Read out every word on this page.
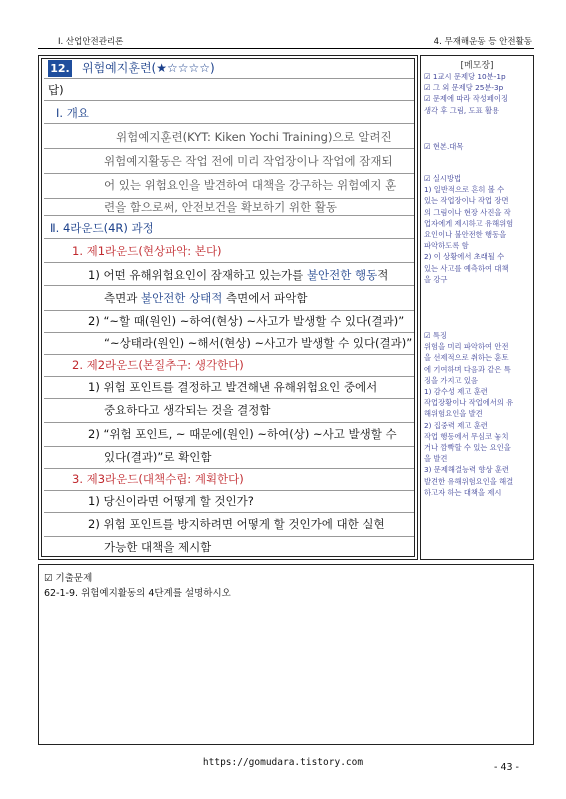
Ⅰ. 산업안전관리론	4. 무재해운동 등 안전활동
12. 위험예지훈련(★☆☆☆☆)
답)
Ⅰ. 개요
위험예지훈련(KYT: Kiken Yochi Training)으로 알려진
위험예지활동은 작업 전에 미리 작업장이나 작업에 잠재되
어 있는 위험요인을 발견하여 대책을 강구하는 위험예지 훈
련을 함으로써, 안전보건을 확보하기 위한 활동
Ⅱ. 4라운드(4R) 과정
1. 제1라운드(현상파악: 본다)
1) 어떤 유해위험요인이 잠재하고 있는가를 불안전한 행동적
측면과 불안전한 상태적 측면에서 파악함
2) “~할 때(원인) ~하여(현상) ~사고가 발생할 수 있다(결과)”
“~상태라(원인) ~해서(현상) ~사고가 발생할 수 있다(결과)”
2. 제2라운드(본질추구: 생각한다)
1) 위험 포인트를 결정하고 발견해낸 유해위험요인 중에서
중요하다고 생각되는 것을 결정함
2) “위험 포인트, ~ 때문에(원인) ~하여(상) ~사고 발생할 수
있다(결과)”로 확인함
3. 제3라운드(대책수립: 계획한다)
1) 당신이라면 어떻게 할 것인가?
2) 위험 포인트를 방지하려면 어떻게 할 것인가에 대한 실현
가능한 대책을 제시함
[메모장]
☑ 1교시 문제당 10분-1p
☑ 그 외 문제당 25분-3p
☑ 문제에 따라 작성페이징
생각 후 그림, 도표 활용
☑ 현본.대목
☑ 실시방법
1) 일반적으로 흔히 볼 수
있는 작업장이나 작업 장면
의 그림이나 현장 사진을 작
업자에게 제시하고 유해위험
요인이나 불안전한 행동을
파악하도록 함
2) 이 상황에서 초래될 수
있는 사고를 예측하여 대책
을 강구
☑ 특징
위험을 미리 파악하여 안전
을 선제적으로 취하는 훈토
에 기여하며 다음과 같은 특
징을 가지고 있음
1) 감수성 제고 훈련
작업장황이나 작업에서의 유
해위험요인을 발견
2) 집중력 제고 훈련
작업 행동에서 무심코 놓치
거나 깜빡할 수 있는 요인을
을 발견
3) 문제해결능력 향상 훈련
발견한 유해위험요인을 해결
하고자 하는 대책을 제시
☑ 기출문제
62-1-9. 위험예지활동의 4단계를 설명하시오
https://gomudara.tistory.com	- 43 -
